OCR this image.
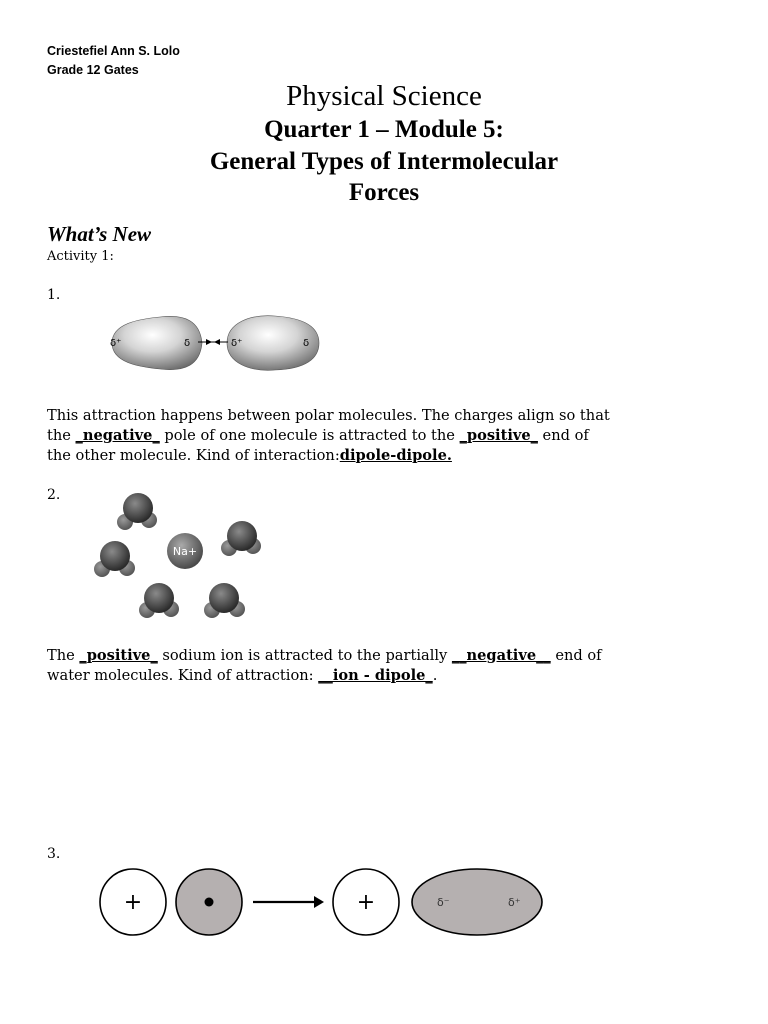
Criestefiel Ann S. Lolo
Grade 12 Gates
Physical Science
Quarter 1 – Module 5:
General Types of Intermolecular
Forces
What’s New
Activity 1:
1.
δ⁺	δ	δ⁺	δ
This attraction happens between polar molecules. The charges align so that
the _negative_ pole of one molecule is attracted to the _positive_ end of
the other molecule. Kind of interaction:dipole-dipole.
2.
Na+
The _positive_ sodium ion is attracted to the partially __negative__ end of
water molecules. Kind of attraction: __ion - dipole_.
3.
+	+	δ⁻	δ⁺
